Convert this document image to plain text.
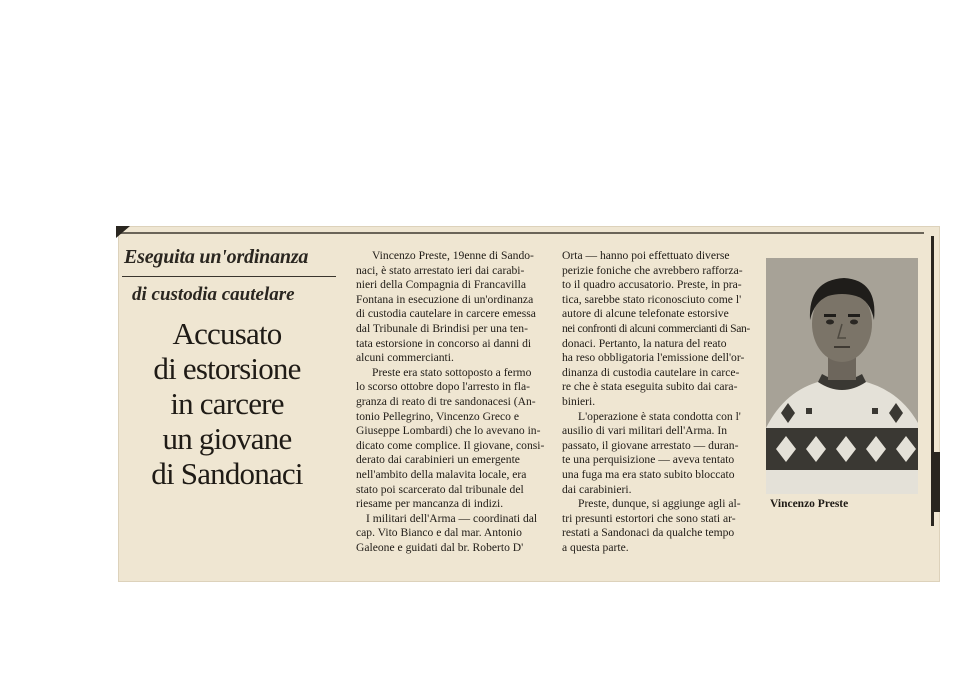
Eseguita un'ordinanza
di custodia cautelare
Accusato
di estorsione
in carcere
un giovane
di Sandonaci
Vincenzo Preste, 19enne di Sando-
naci, è stato arrestato ieri dai carabi-
nieri della Compagnia di Francavilla
Fontana in esecuzione di un'ordinanza
di custodia cautelare in carcere emessa
dal Tribunale di Brindisi per una ten-
tata estorsione in concorso ai danni di
alcuni commercianti.
Preste era stato sottoposto a fermo
lo scorso ottobre dopo l'arresto in fla-
granza di reato di tre sandonacesi (An-
tonio Pellegrino, Vincenzo Greco e
Giuseppe Lombardi) che lo avevano in-
dicato come complice. Il giovane, consi-
derato dai carabinieri un emergente
nell'ambito della malavita locale, era
stato poi scarcerato dal tribunale del
riesame per mancanza di indizi.
I militari dell'Arma — coordinati dal
cap. Vito Bianco e dal mar. Antonio
Galeone e guidati dal br. Roberto D'
Orta — hanno poi effettuato diverse
perizie foniche che avrebbero rafforza-
to il quadro accusatorio. Preste, in pra-
tica, sarebbe stato riconosciuto come l'
autore di alcune telefonate estorsive
nei confronti di alcuni commercianti di San-
donaci. Pertanto, la natura del reato
ha reso obbligatoria l'emissione dell'or-
dinanza di custodia cautelare in carce-
re che è stata eseguita subito dai cara-
binieri.
L'operazione è stata condotta con l'
ausilio di vari militari dell'Arma. In
passato, il giovane arrestato — duran-
te una perquisizione — aveva tentato
una fuga ma era stato subito bloccato
dai carabinieri.
Preste, dunque, si aggiunge agli al-
tri presunti estortori che sono stati ar-
restati a Sandonaci da qualche tempo
a questa parte.
Vincenzo Preste
